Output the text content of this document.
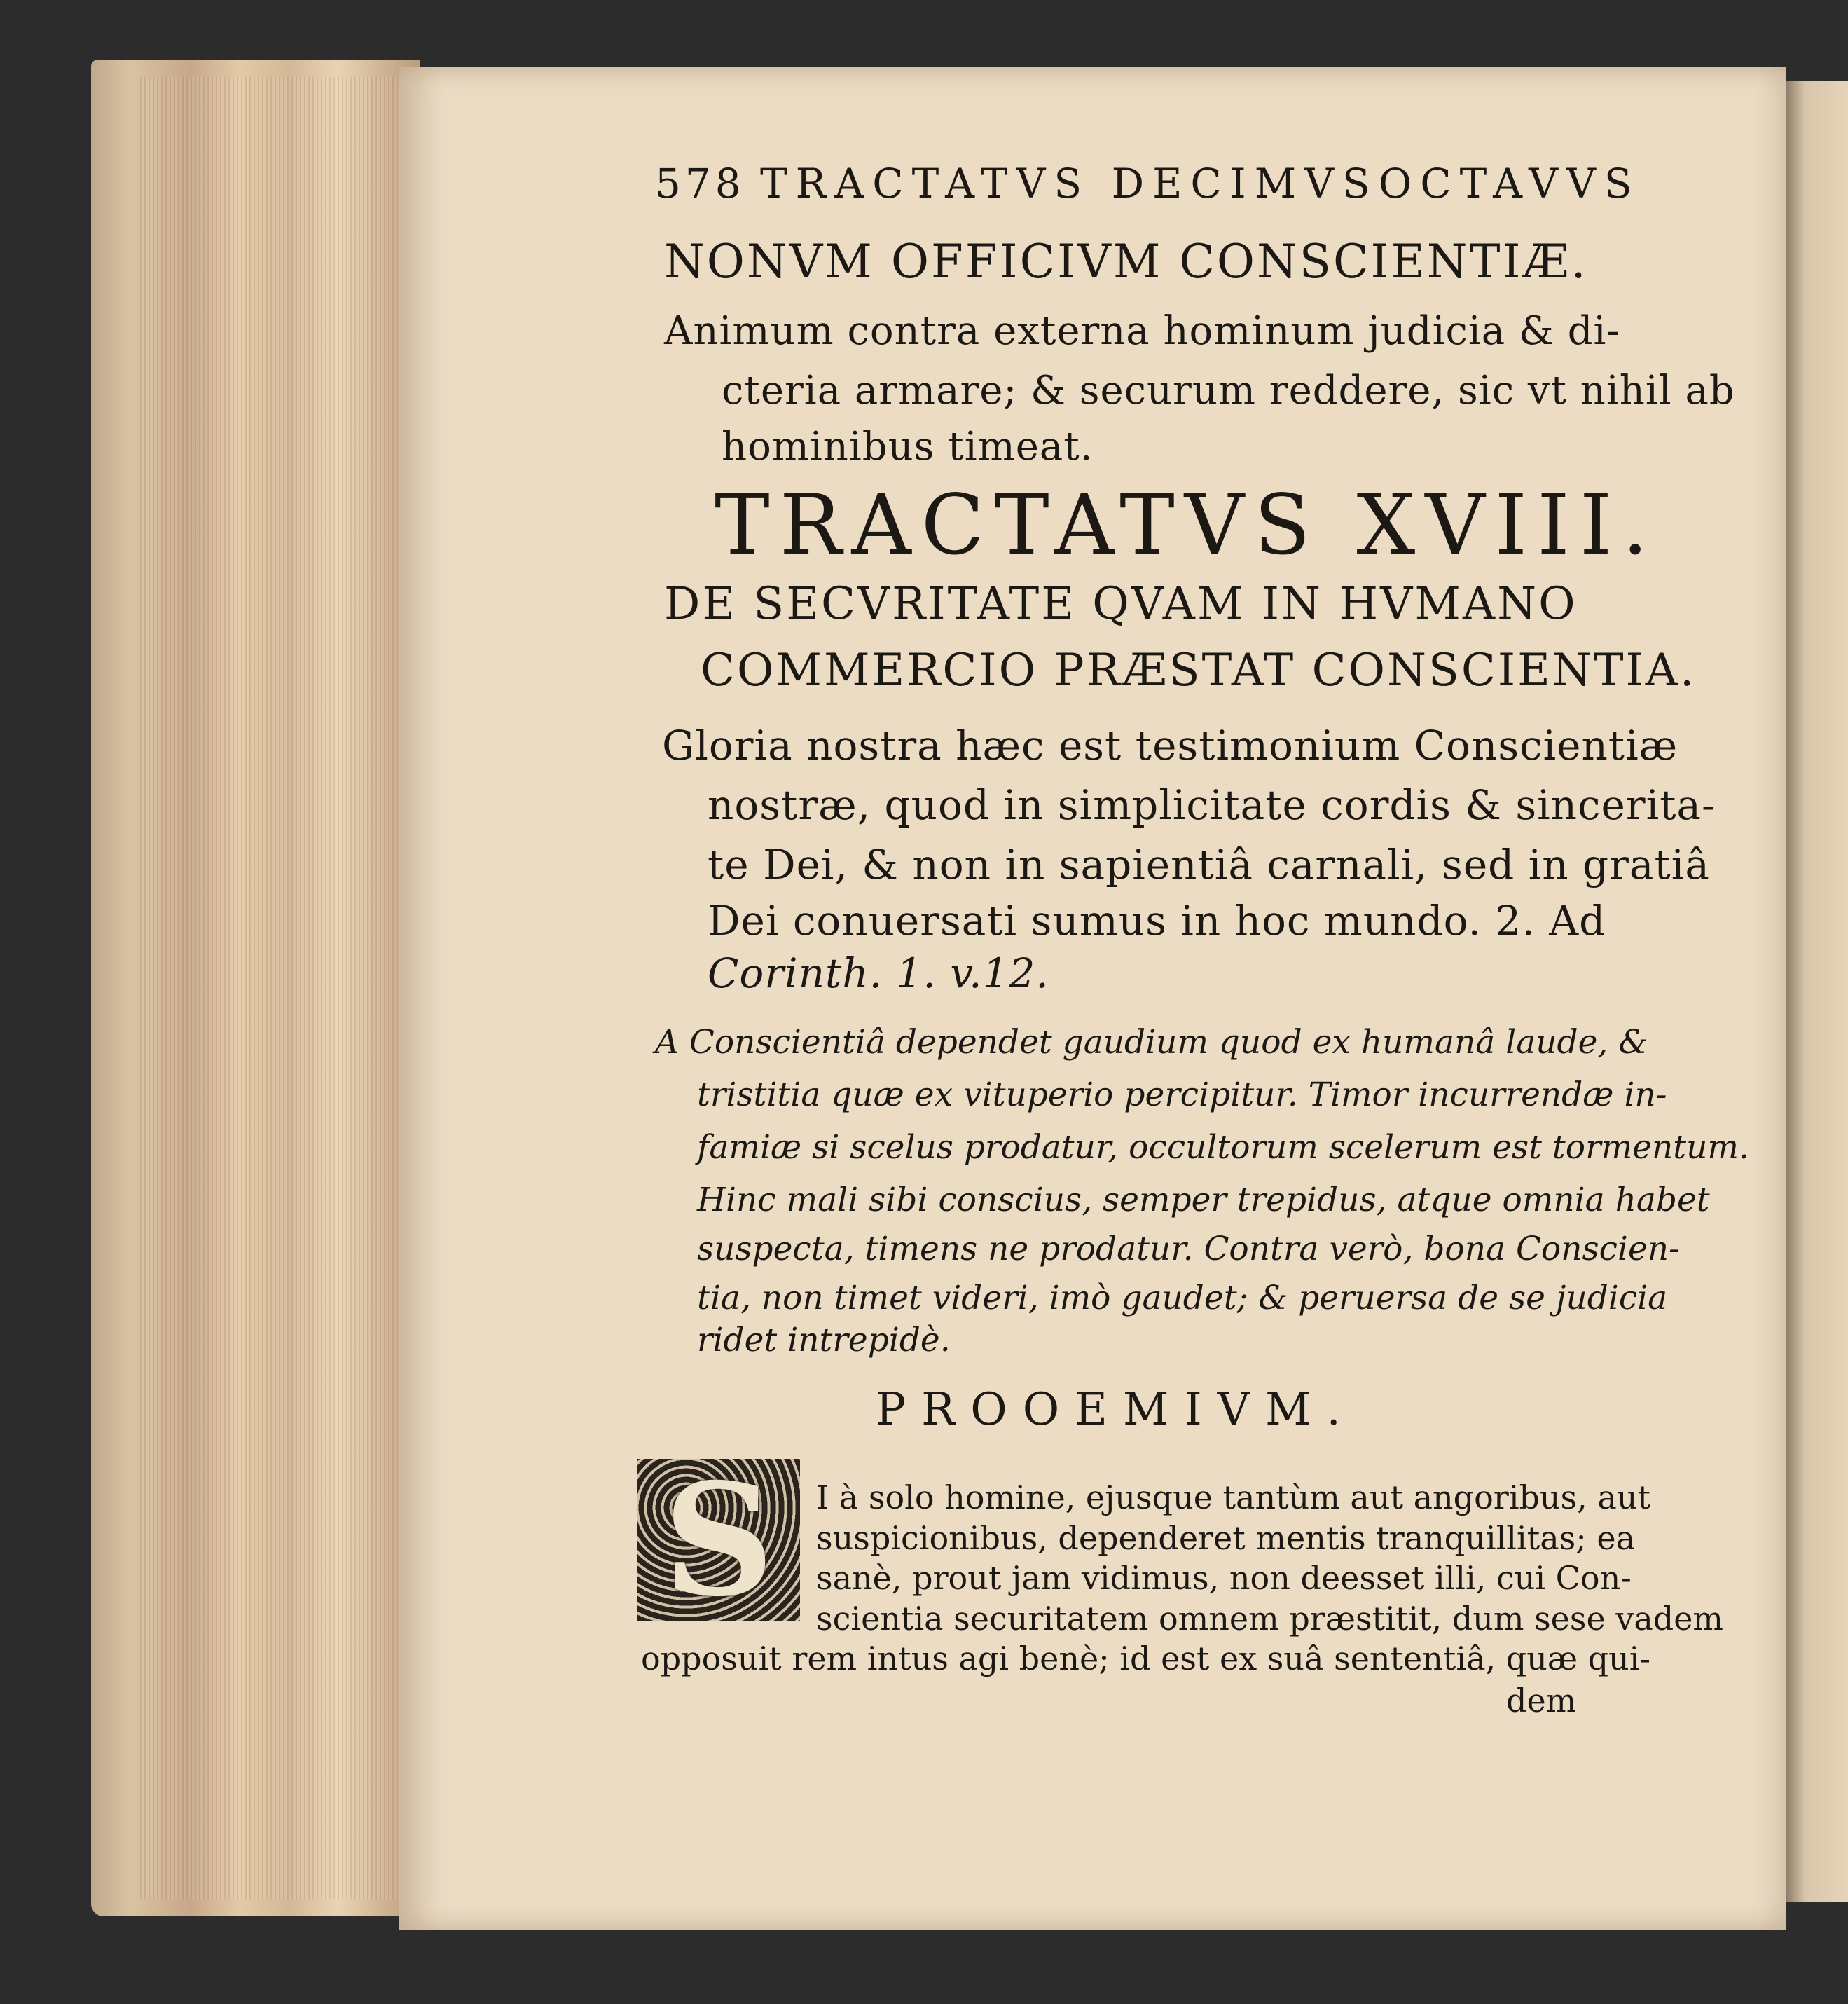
578 TRACTATVS DECIMVSOCTAVVS
NONVM OFFICIVM CONSCIENTIÆ.
Animum contra externa hominum judicia & di-
cteria armare; & securum reddere, sic vt nihil ab
hominibus timeat.
TRACTATVS XVIII.
DE SECVRITATE QVAM IN HVMANO
COMMERCIO PRÆSTAT CONSCIENTIA.
Gloria nostra hæc est testimonium Conscientiæ
nostræ, quod in simplicitate cordis & sincerita-
te Dei, & non in sapientiâ carnali, sed in gratiâ
Dei conuersati sumus in hoc mundo. 2. Ad
Corinth. 1. v.12.
A Conscientiâ dependet gaudium quod ex humanâ laude, &
tristitia quæ ex vituperio percipitur. Timor incurrendæ in-
famiæ si scelus prodatur, occultorum scelerum est tormentum.
Hinc mali sibi conscius, semper trepidus, atque omnia habet
suspecta, timens ne prodatur. Contra verò, bona Conscien-
tia, non timet videri, imò gaudet; & peruersa de se judicia
ridet intrepidè.
PROOEMIVM.
S	I à solo homine, ejusque tantùm aut angoribus, aut
suspicionibus, dependeret mentis tranquillitas; ea
sanè, prout jam vidimus, non deesset illi, cui Con-
scientia securitatem omnem præstitit, dum sese vadem
opposuit rem intus agi benè; id est ex suâ sententiâ, quæ qui-
dem
